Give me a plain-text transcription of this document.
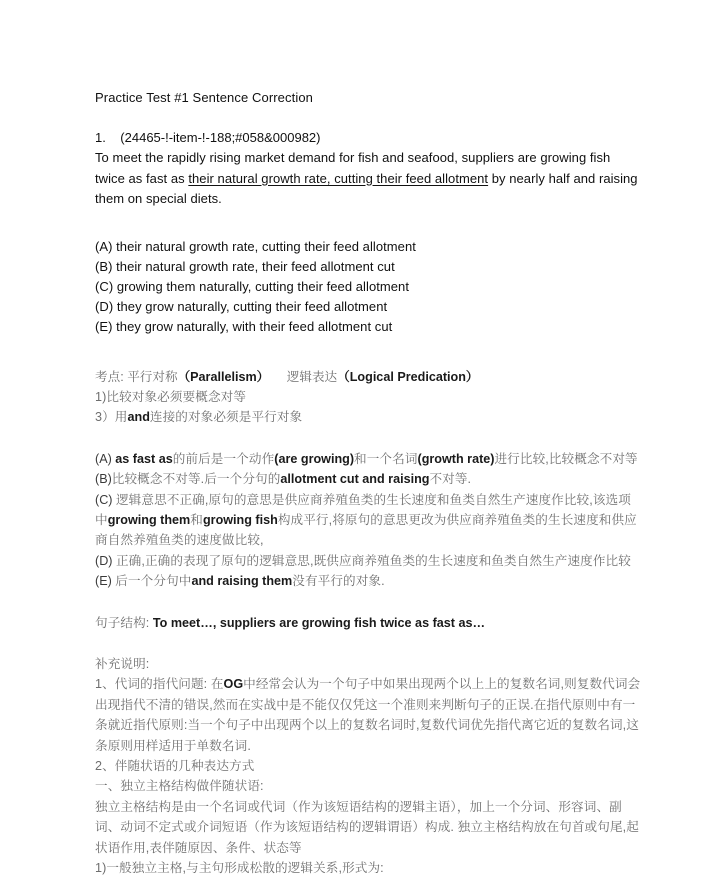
Practice Test #1 Sentence Correction
1. (24465-!-item-!-188;#058&000982)
To meet the rapidly rising market demand for fish and seafood, suppliers are growing fish twice as fast as their natural growth rate, cutting their feed allotment by nearly half and raising them on special diets.
(A) their natural growth rate, cutting their feed allotment
(B) their natural growth rate, their feed allotment cut
(C) growing them naturally, cutting their feed allotment
(D) they grow naturally, cutting their feed allotment
(E) they grow naturally, with their feed allotment cut
考点: 平行对称（Parallelism） 逻辑表达（Logical Predication）
1)比较对象必须要概念对等
3）用and连接的对象必须是平行对象
(A) as fast as的前后是一个动作(are growing)和一个名词(growth rate)进行比较,比较概念不对等
(B)比较概念不对等.后一个分句的allotment cut and raising不对等.
(C) 逻辑意思不正确,原句的意思是供应商养殖鱼类的生长速度和鱼类自然生产速度作比较,该选项中growing them和growing fish构成平行,将原句的意思更改为供应商养殖鱼类的生长速度和供应商自然养殖鱼类的速度做比较,
(D) 正确,正确的表现了原句的逻辑意思,既供应商养殖鱼类的生长速度和鱼类自然生产速度作比较
(E) 后一个分句中and raising them没有平行的对象.
句子结构: To meet…, suppliers are growing fish twice as fast as…
补充说明:
1、代词的指代问题: 在OG中经常会认为一个句子中如果出现两个以上上的复数名词,则复数代词会出现指代不清的错误,然而在实战中是不能仅仅凭这一个准则来判断句子的正误.在指代原则中有一条就近指代原则:当一个句子中出现两个以上的复数名词时,复数代词优先指代离它近的复数名词,这条原则用样适用于单数名词.
2、伴随状语的几种表达方式
一、独立主格结构做伴随状语:
独立主格结构是由一个名词或代词（作为该短语结构的逻辑主语），加上一个分词、形容词、副词、动词不定式或介词短语（作为该短语结构的逻辑谓语）构成. 独立主格结构放在句首或句尾,起状语作用,表伴随原因、条件、状态等
1)一般独立主格,与主句形成松散的逻辑关系,形式为:
